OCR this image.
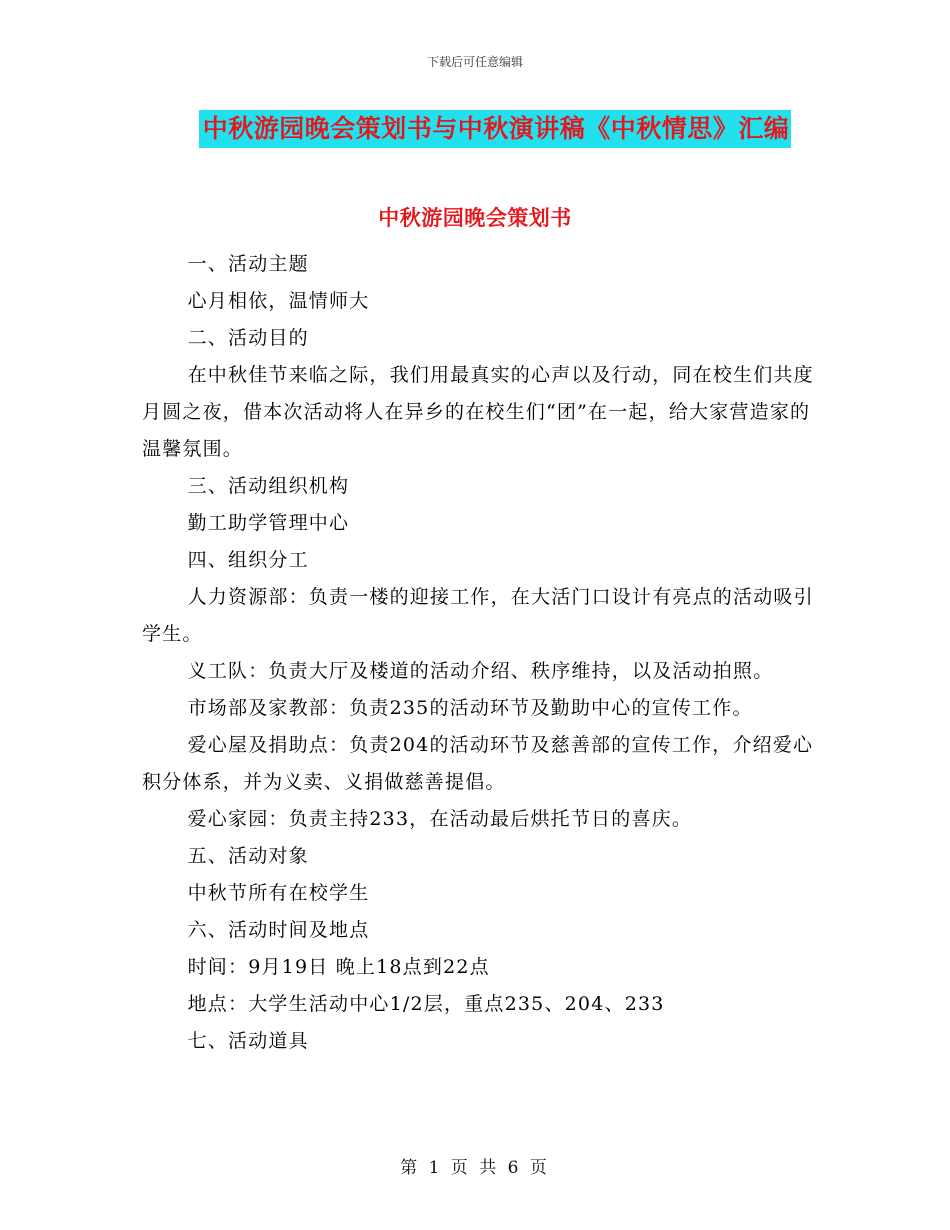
下载后可任意编辑
中秋游园晚会策划书与中秋演讲稿《中秋情思》汇编
中秋游园晚会策划书

一、活动主题

心月相依，温情师大

二、活动目的

在中秋佳节来临之际，我们用最真实的心声以及行动，同在校生们共度月圆之夜，借本次活动将人在异乡的在校生们“团”在一起，给大家营造家的温馨氛围。

三、活动组织机构

勤工助学管理中心

四、组织分工

人力资源部：负责一楼的迎接工作，在大活门口设计有亮点的活动吸引学生。

义工队：负责大厅及楼道的活动介绍、秩序维持，以及活动拍照。

市场部及家教部：负责235的活动环节及勤助中心的宣传工作。

爱心屋及捐助点：负责204的活动环节及慈善部的宣传工作，介绍爱心积分体系，并为义卖、义捐做慈善提倡。

爱心家园：负责主持233，在活动最后烘托节日的喜庆。

五、活动对象

中秋节所有在校学生

六、活动时间及地点

时间：9月19日 晚上18点到22点

地点：大学生活动中心1/2层，重点235、204、233

七、活动道具

第 1 页 共 6 页
